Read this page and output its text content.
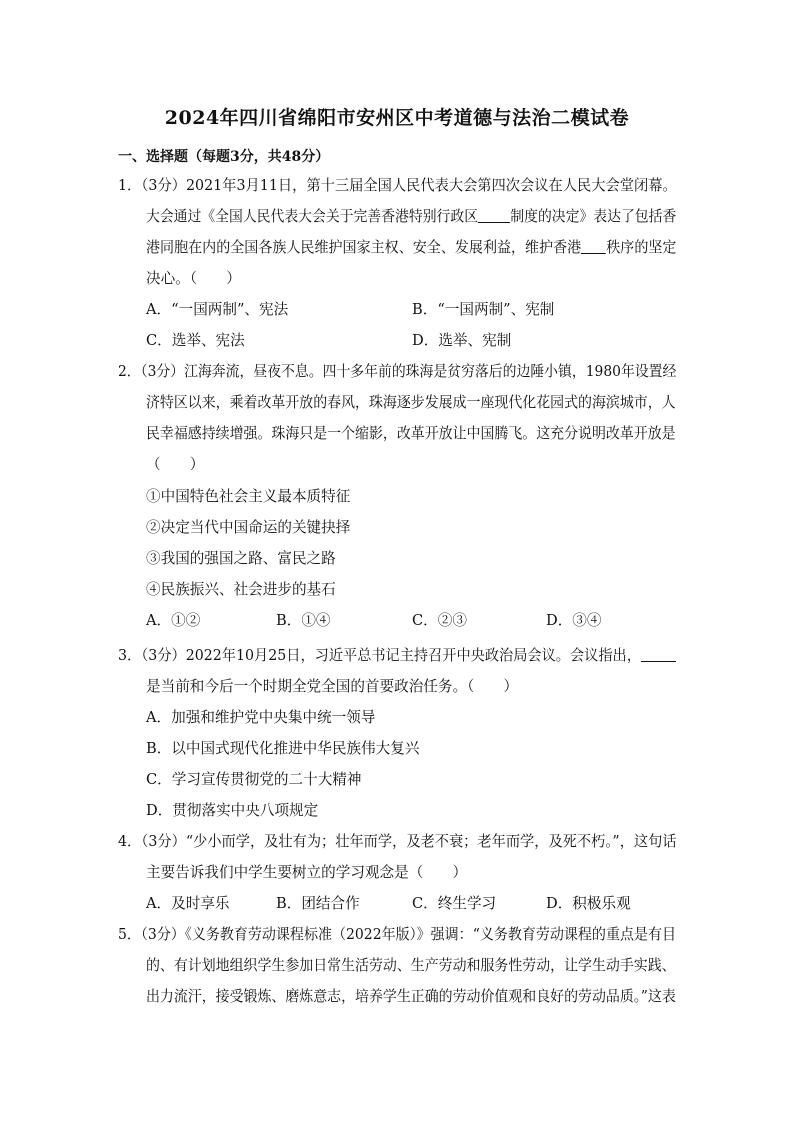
2024年四川省绵阳市安州区中考道德与法治二模试卷
一、选择题（每题3分，共48分）
1．（3分）2021年3月11日，第十三届全国人民代表大会第四次会议在人民大会堂闭幕。
大会通过《全国人民代表大会关于完善香港特别行政区 制度的决定》表达了包括香
港同胞在内的全国各族人民维护国家主权、安全、发展利益，维护香港 秩序的坚定
决心。（　　）
A．“一国两制”、宪法	B．“一国两制”、宪制
C．选举、宪法	D．选举、宪制
2．（3分）江海奔流，昼夜不息。四十多年前的珠海是贫穷落后的边陲小镇，1980年设置经
济特区以来，乘着改革开放的春风，珠海逐步发展成一座现代化花园式的海滨城市，人
民幸福感持续增强。珠海只是一个缩影，改革开放让中国腾飞。这充分说明改革开放是
（　　）
①中国特色社会主义最本质特征
②决定当代中国命运的关键抉择
③我国的强国之路、富民之路
④民族振兴、社会进步的基石
A．①②	B．①④	C．②③	D．③④
3．（3分）2022年10月25日，习近平总书记主持召开中央政治局会议。会议指出，
是当前和今后一个时期全党全国的首要政治任务。（　　）
A．加强和维护党中央集中统一领导
B．以中国式现代化推进中华民族伟大复兴
C．学习宣传贯彻党的二十大精神
D．贯彻落实中央八项规定
4．（3分）“少小而学，及壮有为；壮年而学，及老不衰；老年而学，及死不朽。”，这句话
主要告诉我们中学生要树立的学习观念是（　　）
A．及时享乐	B．团结合作	C．终生学习	D．积极乐观
5．（3分）《义务教育劳动课程标准（2022年版）》强调：“义务教育劳动课程的重点是有目
的、有计划地组织学生参加日常生活劳动、生产劳动和服务性劳动，让学生动手实践、
出力流汗，接受锻炼、磨炼意志，培养学生正确的劳动价值观和良好的劳动品质。”这表
